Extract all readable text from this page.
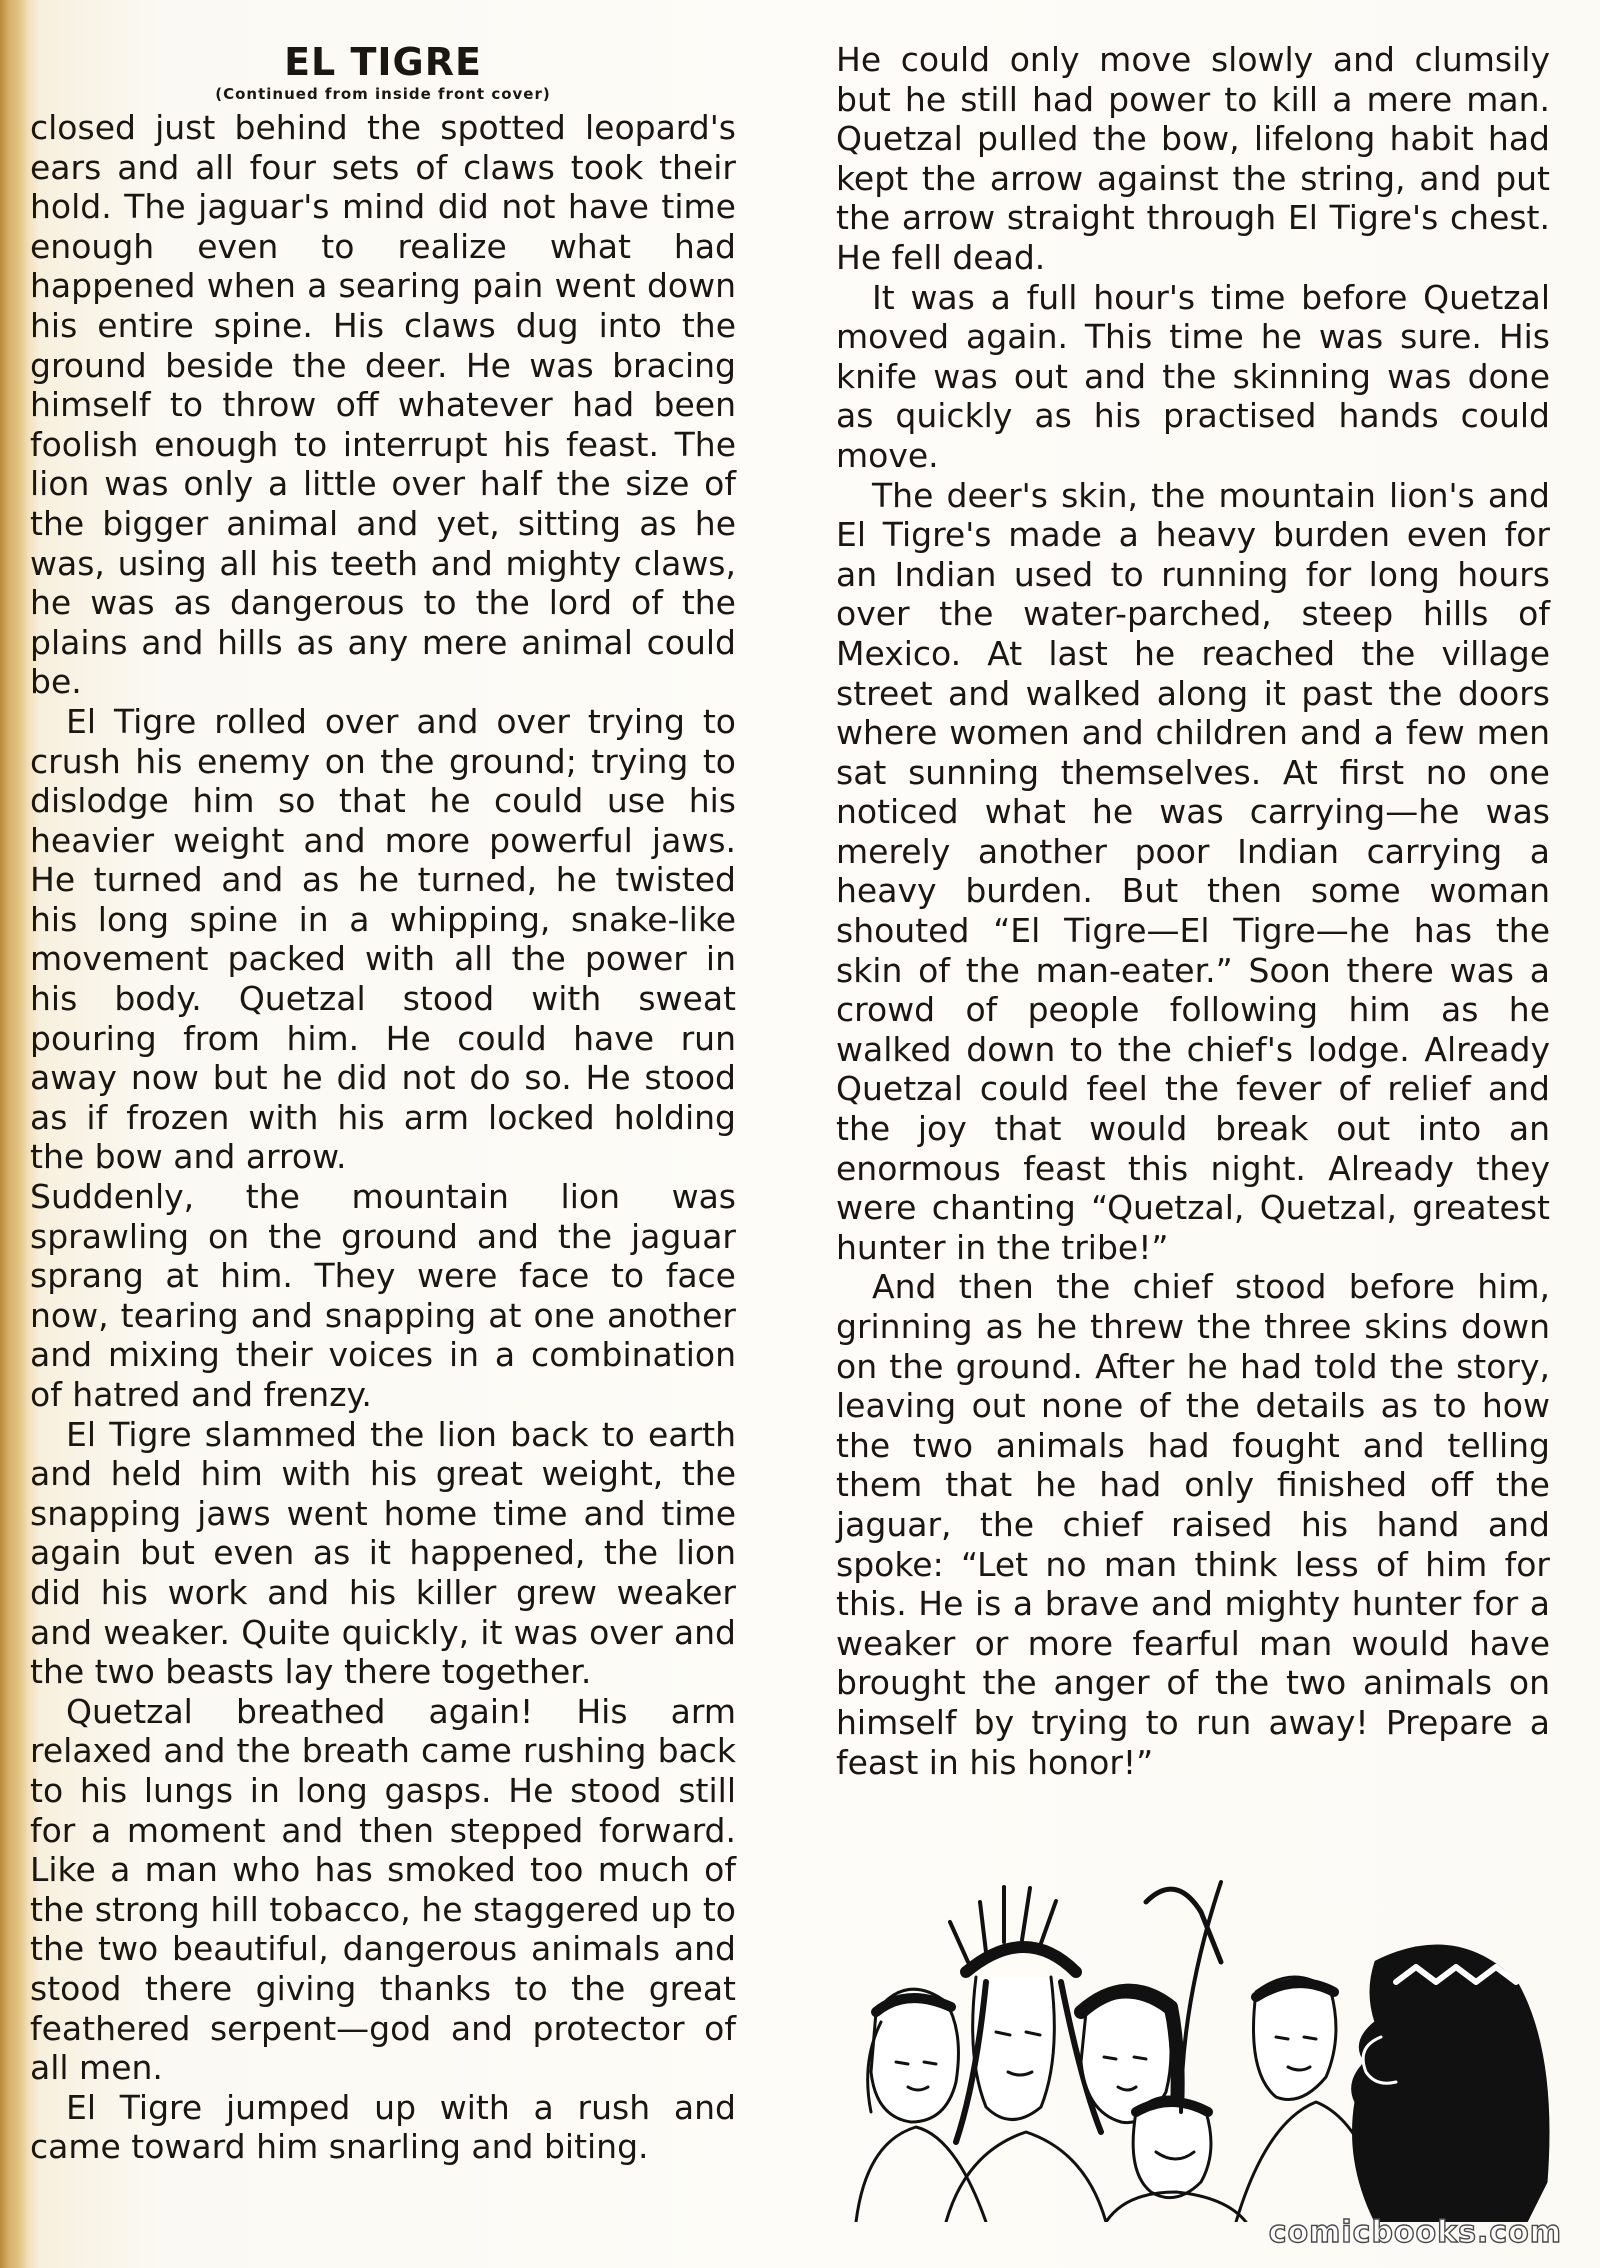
EL TIGRE
(Continued from inside front cover)

closed just behind the spotted leopard's ears and all four sets of claws took their hold. The jaguar's mind did not have time enough even to realize what had happened when a searing pain went down his entire spine. His claws dug into the ground beside the deer. He was bracing himself to throw off whatever had been foolish enough to interrupt his feast. The lion was only a little over half the size of the bigger animal and yet, sitting as he was, using all his teeth and mighty claws, he was as dangerous to the lord of the plains and hills as any mere animal could be.

El Tigre rolled over and over trying to crush his enemy on the ground; trying to dislodge him so that he could use his heavier weight and more powerful jaws. He turned and as he turned, he twisted his long spine in a whipping, snake-like movement packed with all the power in his body. Quetzal stood with sweat pouring from him. He could have run away now but he did not do so. He stood as if frozen with his arm locked holding the bow and arrow.

Suddenly, the mountain lion was sprawling on the ground and the jaguar sprang at him. They were face to face now, tearing and snapping at one another and mixing their voices in a combination of hatred and frenzy.

El Tigre slammed the lion back to earth and held him with his great weight, the snapping jaws went home time and time again but even as it happened, the lion did his work and his killer grew weaker and weaker. Quite quickly, it was over and the two beasts lay there together.

Quetzal breathed again! His arm relaxed and the breath came rushing back to his lungs in long gasps. He stood still for a moment and then stepped forward. Like a man who has smoked too much of the strong hill tobacco, he staggered up to the two beautiful, dangerous animals and stood there giving thanks to the great feathered serpent—god and protector of all men.

El Tigre jumped up with a rush and came toward him snarling and biting.

He could only move slowly and clumsily but he still had power to kill a mere man. Quetzal pulled the bow, lifelong habit had kept the arrow against the string, and put the arrow straight through El Tigre's chest. He fell dead.

It was a full hour's time before Quetzal moved again. This time he was sure. His knife was out and the skinning was done as quickly as his practised hands could move.

The deer's skin, the mountain lion's and El Tigre's made a heavy burden even for an Indian used to running for long hours over the water-parched, steep hills of Mexico. At last he reached the village street and walked along it past the doors where women and children and a few men sat sunning themselves. At first no one noticed what he was carrying—he was merely another poor Indian carrying a heavy burden. But then some woman shouted “El Tigre—El Tigre—he has the skin of the man-eater.” Soon there was a crowd of people following him as he walked down to the chief's lodge. Already Quetzal could feel the fever of relief and the joy that would break out into an enormous feast this night. Already they were chanting “Quetzal, Quetzal, greatest hunter in the tribe!”

And then the chief stood before him, grinning as he threw the three skins down on the ground. After he had told the story, leaving out none of the details as to how the two animals had fought and telling them that he had only finished off the jaguar, the chief raised his hand and spoke: “Let no man think less of him for this. He is a brave and mighty hunter for a weaker or more fearful man would have brought the anger of the two animals on himself by trying to run away! Prepare a feast in his honor!”

comicbooks.com
